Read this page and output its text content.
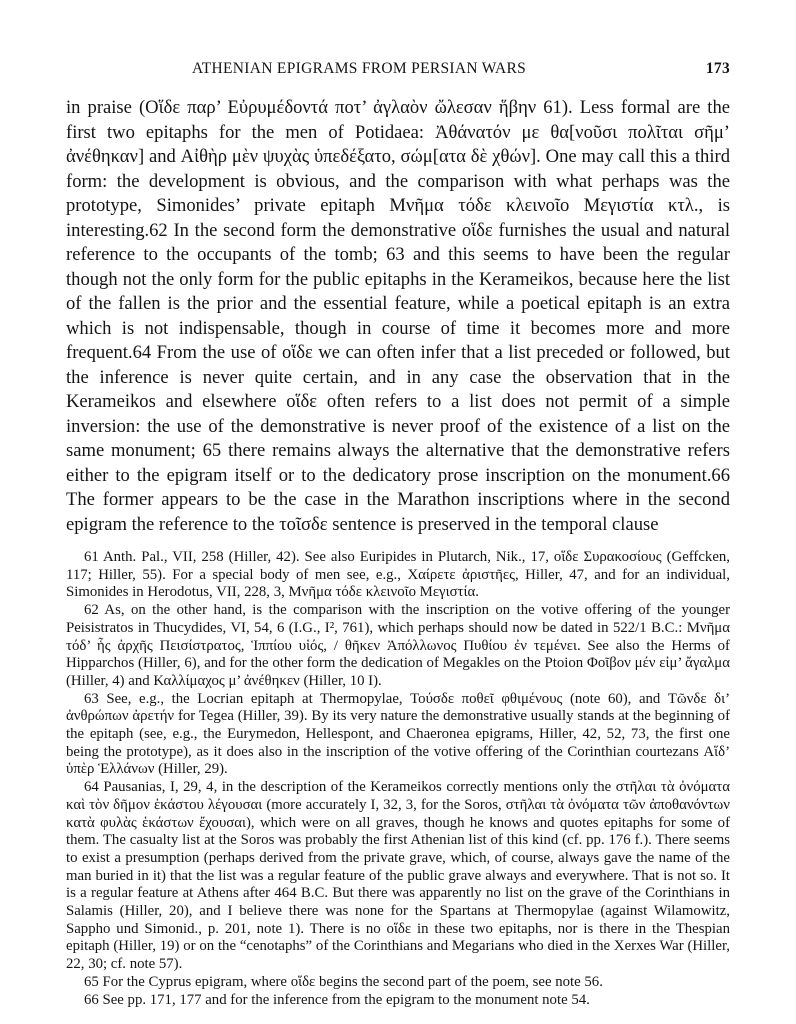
ATHENIAN EPIGRAMS FROM PERSIAN WARS	173

in praise (Οἵδε παρ’ Εὐρυμέδοντά ποτ’ ἀγλαὸν ὤλεσαν ἥβην 61). Less formal are the first two epitaphs for the men of Potidaea: Ἀθάνατόν με θα[νοῦσι πολῖται σῆμ’ ἀνέθηκαν] and Αἰθὴρ μὲν ψυχὰς ὑπεδέξατο, σώμ[ατα δὲ χθών]. One may call this a third form: the development is obvious, and the comparison with what perhaps was the prototype, Simonides’ private epitaph Μνῆμα τόδε κλεινοῖο Μεγιστία κτλ., is interesting.62 In the second form the demonstrative οἵδε furnishes the usual and natural reference to the occupants of the tomb; 63 and this seems to have been the regular though not the only form for the public epitaphs in the Kerameikos, because here the list of the fallen is the prior and the essential feature, while a poetical epitaph is an extra which is not indispensable, though in course of time it becomes more and more frequent.64 From the use of οἵδε we can often infer that a list preceded or followed, but the inference is never quite certain, and in any case the observation that in the Kerameikos and elsewhere οἵδε often refers to a list does not permit of a simple inversion: the use of the demonstrative is never proof of the existence of a list on the same monument; 65 there remains always the alternative that the demonstrative refers either to the epigram itself or to the dedicatory prose inscription on the monument.66 The former appears to be the case in the Marathon inscriptions where in the second epigram the reference to the τοῖσδε sentence is preserved in the temporal clause

61 Anth. Pal., VII, 258 (Hiller, 42). See also Euripides in Plutarch, Nik., 17, οἵδε Συρακοσίους (Geffcken, 117; Hiller, 55). For a special body of men see, e.g., Χαίρετε ἀριστῆες, Hiller, 47, and for an individual, Simonides in Herodotus, VII, 228, 3, Μνῆμα τόδε κλεινοῖο Μεγιστία.

62 As, on the other hand, is the comparison with the inscription on the votive offering of the younger Peisistratos in Thucydides, VI, 54, 6 (I.G., I², 761), which perhaps should now be dated in 522/1 B.C.: Μνῆμα τόδ’ ἧς ἀρχῆς Πεισίστρατος, Ἱππίου υἱός, / θῆκεν Ἀπόλλωνος Πυθίου ἐν τεμένει. See also the Herms of Hipparchos (Hiller, 6), and for the other form the dedication of Megakles on the Ptoion Φοῖβον μέν εἰμ’ ἄγαλμα (Hiller, 4) and Καλλίμαχος μ’ ἀνέθηκεν (Hiller, 10 I).

63 See, e.g., the Locrian epitaph at Thermopylae, Τούσδε ποθεῖ φθιμένους (note 60), and Τῶνδε δι’ ἀνθρώπων ἀρετήν for Tegea (Hiller, 39). By its very nature the demonstrative usually stands at the beginning of the epitaph (see, e.g., the Eurymedon, Hellespont, and Chaeronea epigrams, Hiller, 42, 52, 73, the first one being the prototype), as it does also in the inscription of the votive offering of the Corinthian courtezans Αἵδ’ ὑπὲρ Ἑλλάνων (Hiller, 29).

64 Pausanias, I, 29, 4, in the description of the Kerameikos correctly mentions only the στῆλαι τὰ ὀνόματα καὶ τὸν δῆμον ἑκάστου λέγουσαι (more accurately I, 32, 3, for the Soros, στῆλαι τὰ ὀνόματα τῶν ἀποθανόντων κατὰ φυλὰς ἑκάστων ἔχουσαι), which were on all graves, though he knows and quotes epitaphs for some of them. The casualty list at the Soros was probably the first Athenian list of this kind (cf. pp. 176 f.). There seems to exist a presumption (perhaps derived from the private grave, which, of course, always gave the name of the man buried in it) that the list was a regular feature of the public grave always and everywhere. That is not so. It is a regular feature at Athens after 464 B.C. But there was apparently no list on the grave of the Corinthians in Salamis (Hiller, 20), and I believe there was none for the Spartans at Thermopylae (against Wilamowitz, Sappho und Simonid., p. 201, note 1). There is no οἵδε in these two epitaphs, nor is there in the Thespian epitaph (Hiller, 19) or on the “cenotaphs” of the Corinthians and Megarians who died in the Xerxes War (Hiller, 22, 30; cf. note 57).

65 For the Cyprus epigram, where οἵδε begins the second part of the poem, see note 56.

66 See pp. 171, 177 and for the inference from the epigram to the monument note 54.
